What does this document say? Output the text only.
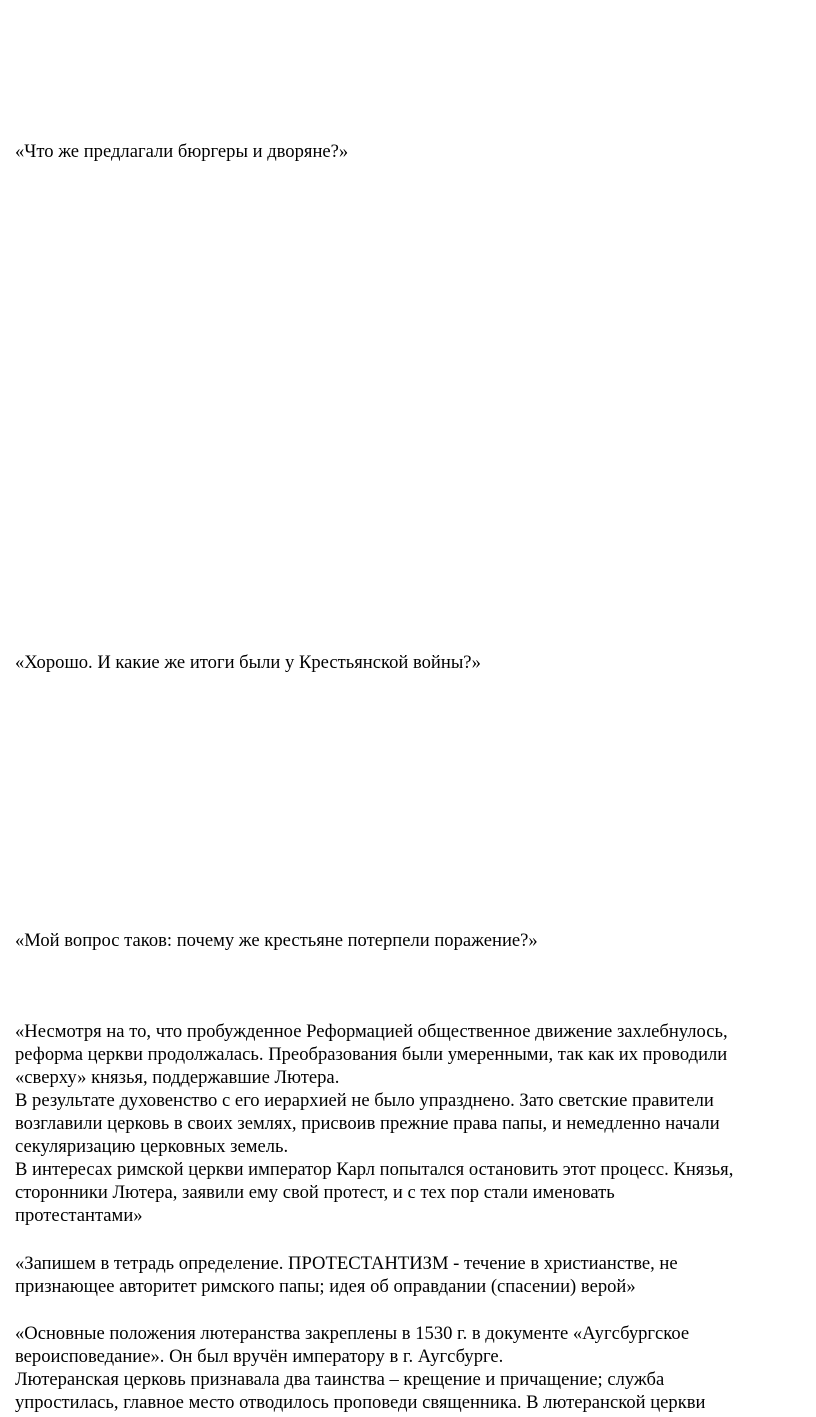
«Что же предлагали бюргеры и дворяне?»

«Хорошо. И какие же итоги были у Крестьянской войны?»

«Мой вопрос таков: почему же крестьяне потерпели поражение?»

«Несмотря на то, что пробужденное Реформацией общественное движение захлебнулось,
реформа церкви продолжалась. Преобразования были умеренными, так как их проводили
«сверху» князья, поддержавшие Лютера.
В результате духовенство с его иерархией не было упразднено. Зато светские правители
возглавили церковь в своих землях, присвоив прежние права папы, и немедленно начали
секуляризацию церковных земель.
В интересах римской церкви император Карл попытался остановить этот процесс. Князья,
сторонники Лютера, заявили ему свой протест, и с тех пор стали именовать
протестантами»

«Запишем в тетрадь определение. ПРОТЕСТАНТИЗМ - течение в христианстве, не
признающее авторитет римского папы; идея об оправдании (спасении) верой»

«Основные положения лютеранства закреплены в 1530 г. в документе «Аугсбургское
вероисповедание». Он был вручён императору в г. Аугсбурге.
Лютеранская церковь признавала два таинства – крещение и причащение; служба
упростилась, главное место отводилось проповеди священника. В лютеранской церкви
